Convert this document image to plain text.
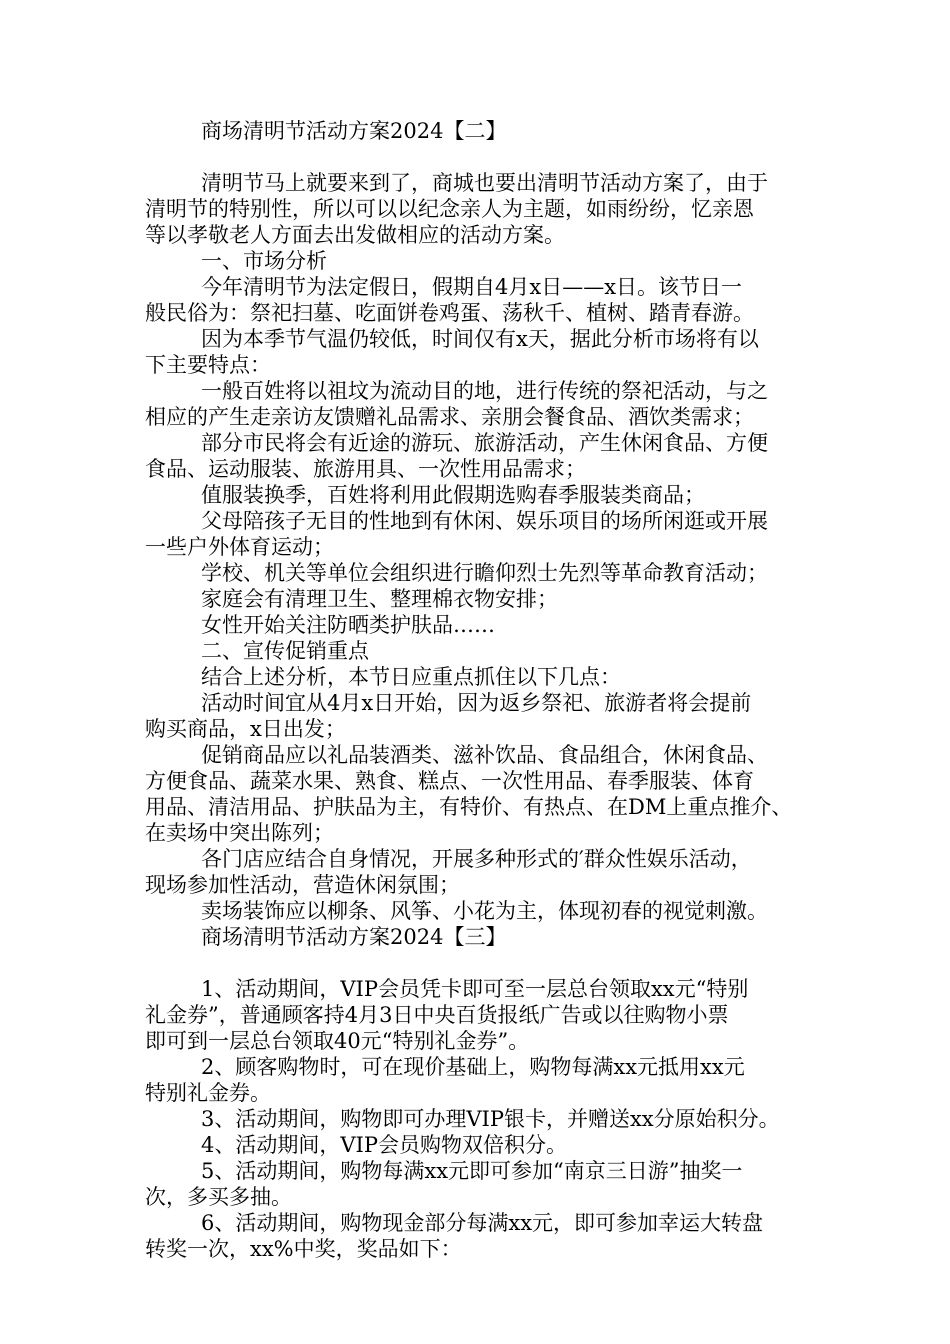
商场清明节活动方案2024【二】
清明节马上就要来到了，商城也要出清明节活动方案了，由于
清明节的特别性，所以可以以纪念亲人为主题，如雨纷纷，忆亲恩
等以孝敬老人方面去出发做相应的活动方案。
一、市场分析
今年清明节为法定假日，假期自4月x日——x日。该节日一
般民俗为：祭祀扫墓、吃面饼卷鸡蛋、荡秋千、植树、踏青春游。
因为本季节气温仍较低，时间仅有x天，据此分析市场将有以
下主要特点：
一般百姓将以祖坟为流动目的地，进行传统的祭祀活动，与之
相应的产生走亲访友馈赠礼品需求、亲朋会餐食品、酒饮类需求；
部分市民将会有近途的游玩、旅游活动，产生休闲食品、方便
食品、运动服装、旅游用具、一次性用品需求；
值服装换季，百姓将利用此假期选购春季服装类商品；
父母陪孩子无目的性地到有休闲、娱乐项目的场所闲逛或开展
一些户外体育运动；
学校、机关等单位会组织进行瞻仰烈士先烈等革命教育活动；
家庭会有清理卫生、整理棉衣物安排；
女性开始关注防晒类护肤品……
二、宣传促销重点
结合上述分析，本节日应重点抓住以下几点：
活动时间宜从4月x日开始，因为返乡祭祀、旅游者将会提前
购买商品，x日出发；
促销商品应以礼品装酒类、滋补饮品、食品组合，休闲食品、
方便食品、蔬菜水果、熟食、糕点、一次性用品、春季服装、体育
用品、清洁用品、护肤品为主，有特价、有热点、在DM上重点推介、
在卖场中突出陈列；
各门店应结合自身情况，开展多种形式的′群众性娱乐活动，
现场参加性活动，营造休闲氛围；
卖场装饰应以柳条、风筝、小花为主，体现初春的视觉刺激。
商场清明节活动方案2024【三】
1、活动期间，VIP会员凭卡即可至一层总台领取xx元“特别
礼金券”，普通顾客持4月3日中央百货报纸广告或以往购物小票
即可到一层总台领取40元“特别礼金券”。
2、顾客购物时，可在现价基础上，购物每满xx元抵用xx元
特别礼金券。
3、活动期间，购物即可办理VIP银卡，并赠送xx分原始积分。
4、活动期间，VIP会员购物双倍积分。
5、活动期间，购物每满xx元即可参加“南京三日游”抽奖一
次，多买多抽。
6、活动期间，购物现金部分每满xx元，即可参加幸运大转盘
转奖一次，xx%中奖，奖品如下：
